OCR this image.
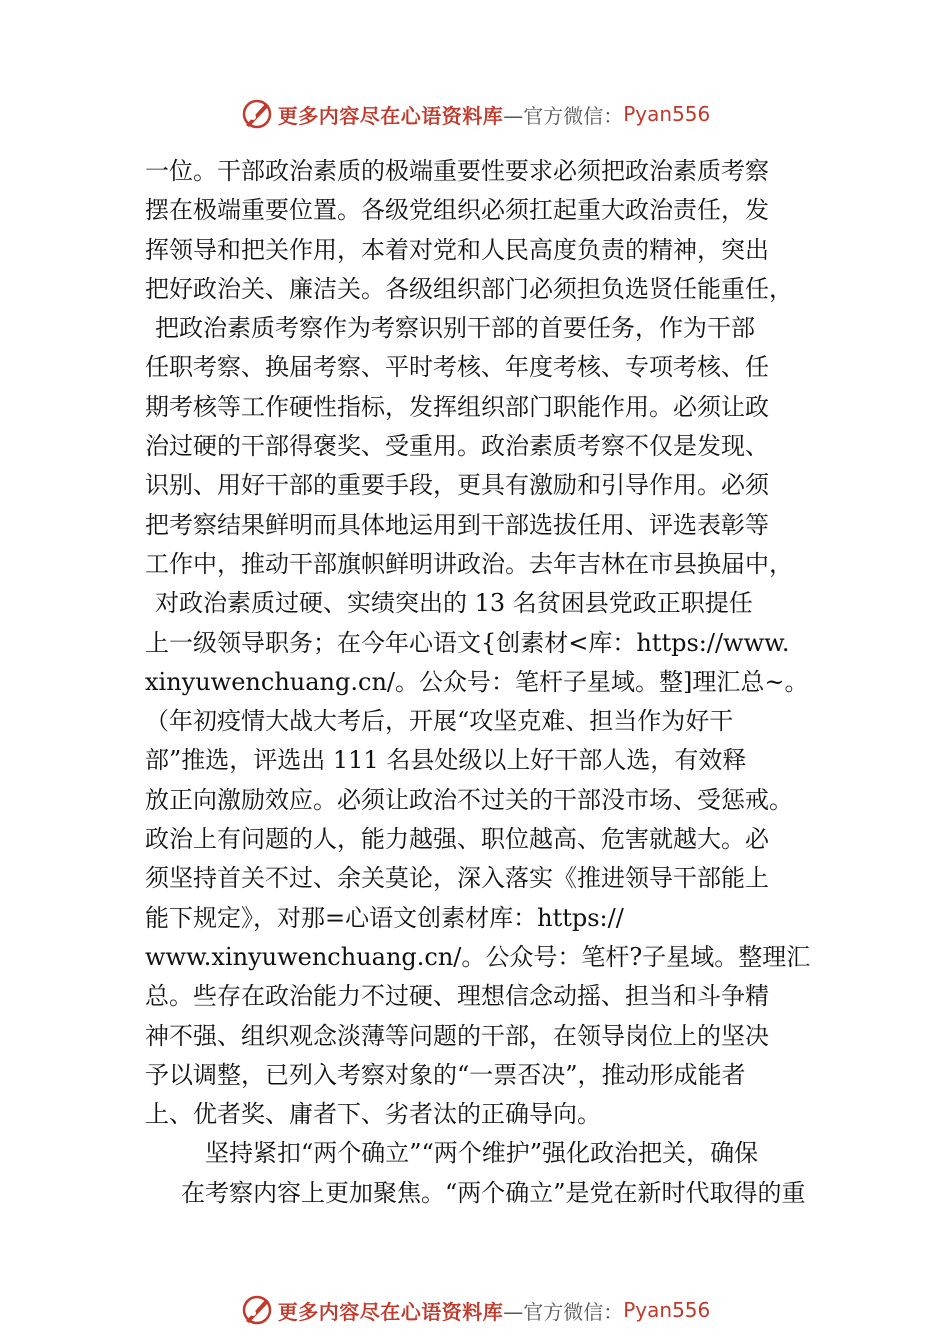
更多内容尽在心语资料库 —官方微信： Pyan556
一位。干部政治素质的极端重要性要求必须把政治素质考察
摆在极端重要位置。各级党组织必须扛起重大政治责任，发
挥领导和把关作用，本着对党和人民高度负责的精神，突出
把好政治关、廉洁关。各级组织部门必须担负选贤任能重任，
把政治素质考察作为考察识别干部的首要任务，作为干部
任职考察、换届考察、平时考核、年度考核、专项考核、任
期考核等工作硬性指标，发挥组织部门职能作用。必须让政
治过硬的干部得褒奖、受重用。政治素质考察不仅是发现、
识别、用好干部的重要手段，更具有激励和引导作用。必须
把考察结果鲜明而具体地运用到干部选拔任用、评选表彰等
工作中，推动干部旗帜鲜明讲政治。去年吉林在市县换届中，
对政治素质过硬、实绩突出的 13 名贫困县党政正职提任
上一级领导职务；在今年心语文{创素材<库：https://www.
xinyuwenchuang.cn/。公众号：笔杆子星域。整]理汇总~。
（年初疫情大战大考后，开展“攻坚克难、担当作为好干
部”推选，评选出 111 名县处级以上好干部人选，有效释
放正向激励效应。必须让政治不过关的干部没市场、受惩戒。
政治上有问题的人，能力越强、职位越高、危害就越大。必
须坚持首关不过、余关莫论，深入落实《推进领导干部能上
能下规定》，对那=心语文创素材库：https://
www.xinyuwenchuang.cn/。公众号：笔杆?子星域。整理汇
总。些存在政治能力不过硬、理想信念动摇、担当和斗争精
神不强、组织观念淡薄等问题的干部，在领导岗位上的坚决
予以调整，已列入考察对象的“一票否决”，推动形成能者
上、优者奖、庸者下、劣者汰的正确导向。
坚持紧扣“两个确立”“两个维护”强化政治把关，确保
在考察内容上更加聚焦。“两个确立”是党在新时代取得的重
更多内容尽在心语资料库 —官方微信： Pyan556
